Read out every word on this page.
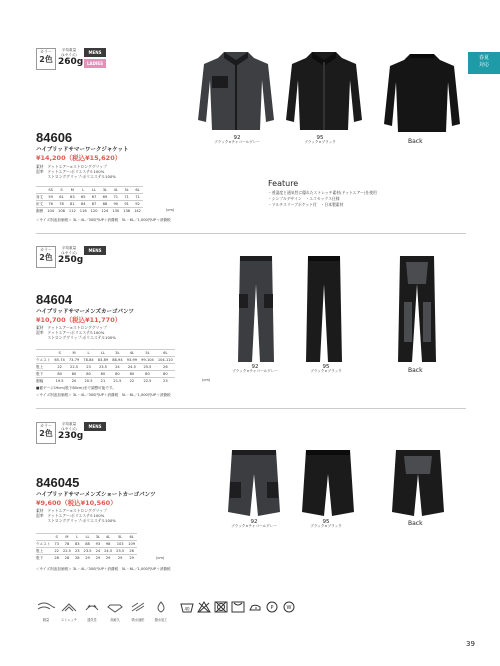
春夏
対応
カラー
2色
平均重量
(Lサイズ)
260g
MENS
LADIES
84606
ハイブリッドサマーワークジャケット
¥14,200（税込¥15,620）
素材　ドットエアー×ストロンググリップ
混率　ドットエアー:ポリエステル100%
　　　ストロンググリップ:ポリエステル100%
	SS	S	M	L	LL	3L	4L	5L	6L
身丈	59	61	63	65	67	69	71	71	71
裄丈	76	78	81	84	87	88	90	91	92
胸囲	104	108	112	116	120	124	130	136	142	(cm)
＜サイズ別追加価格＞ 3L・4L／300円UP＋消費税　5L・6L／1,000円UP＋消費税
92
ブラック×チャコールグレー
95
ブラック×ブラック	Back
Feature
・透湿度と通気性に優れたストレッチ素材(ドットエアー)を使用
・シンプルデザイン　・エコセックス仕様
・マルチスリーブポケット付　・日本製素材
カラー
2色
平均重量
(Lサイズ)
250g
MENS
84604
ハイブリッドサマーメンズカーゴパンツ
¥10,700（税込¥11,770）
素材　ドットエアー×ストロンググリップ
混率　ドットエアー:ポリエステル100%
　　　ストロンググリップ:ポリエステル100%
	S	M	L	LL	3L	4L	5L	6L
ウエスト	65-74	73-79	78-84	83-89	88-94	93-99	99-104	104-110
股上	22	22.5	23	23.5	24	24.5	25.5	26
股下	80	80	80	80	80	80	80	80
裾幅	19.5	20	20.5	21	21.5	22	22.5	23	(cm)
■裾ゲージ19cm(股下80cm)まで調整可能です。
＜サイズ別追加価格＞ 3L・4L／300円UP＋消費税　5L・6L／1,000円UP＋消費税
92
ブラック×チャコールグレー
95
ブラック×ブラック	Back
カラー
2色
平均重量
(Lサイズ)
230g
MENS
846045
ハイブリッドサマーメンズショートカーゴパンツ
¥9,600（税込¥10,560）
素材　ドットエアー×ストロンググリップ
混率　ドットエアー:ポリエステル100%
　　　ストロンググリップ:ポリエステル100%
	S	M	L	LL	3L	4L	5L	6L
ウエスト	73	78	83	88	93	98	103	109
股上	22	22.5	23	23.5	24	24.5	25.5	26
股下	28	28	28	29	29	29	29	29	(cm)
＜サイズ別追加価格＞ 3L・4L／300円UP＋消費税　5L・6L／1,000円UP＋消費税
92
ブラック×チャコールグレー
95
ブラック×ブラック	Back
軽量	ストレッチ	通気性	高耐久	吸水速乾	撥水加工
40	P	W
39
